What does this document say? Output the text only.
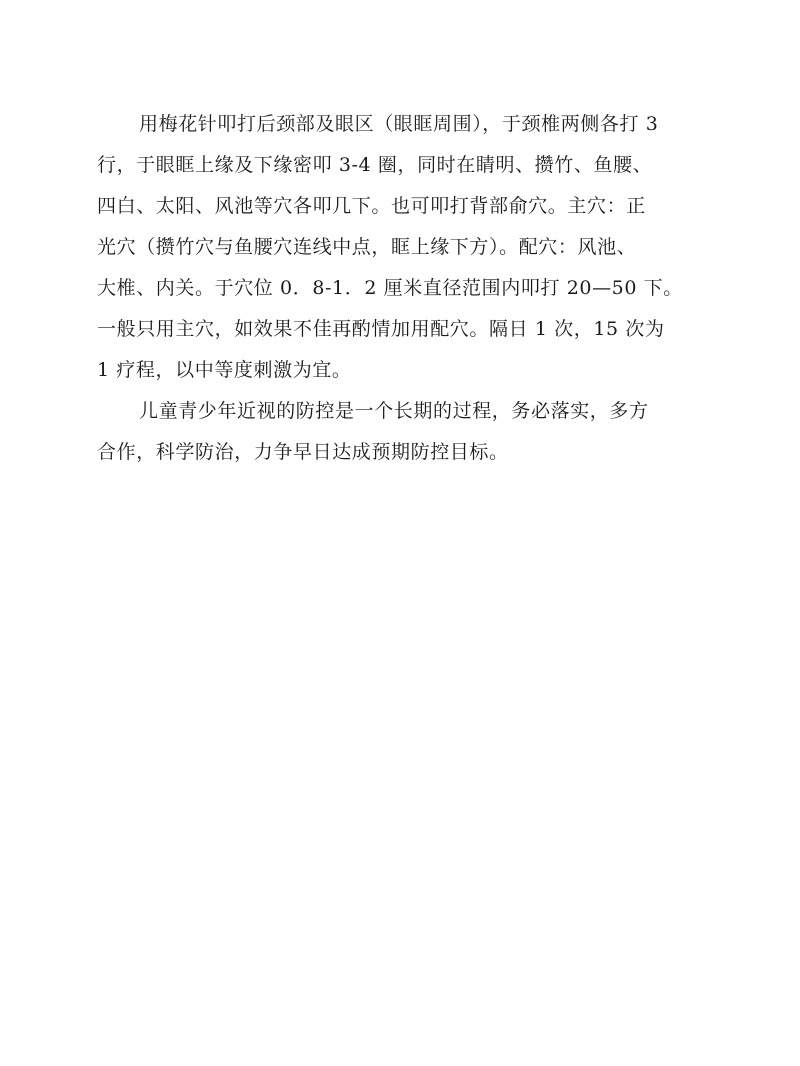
用梅花针叩打后颈部及眼区（眼眶周围），于颈椎两侧各打 3
行，于眼眶上缘及下缘密叩 3-4 圈，同时在睛明、攒竹、鱼腰、
四白、太阳、风池等穴各叩几下。也可叩打背部俞穴。主穴：正
光穴（攒竹穴与鱼腰穴连线中点，眶上缘下方）。配穴：风池、
大椎、内关。于穴位 0．8-1．2 厘米直径范围内叩打 20—50 下。
一般只用主穴，如效果不佳再酌情加用配穴。隔日 1 次，15 次为
1 疗程，以中等度刺激为宜。
儿童青少年近视的防控是一个长期的过程，务必落实，多方
合作，科学防治，力争早日达成预期防控目标。
